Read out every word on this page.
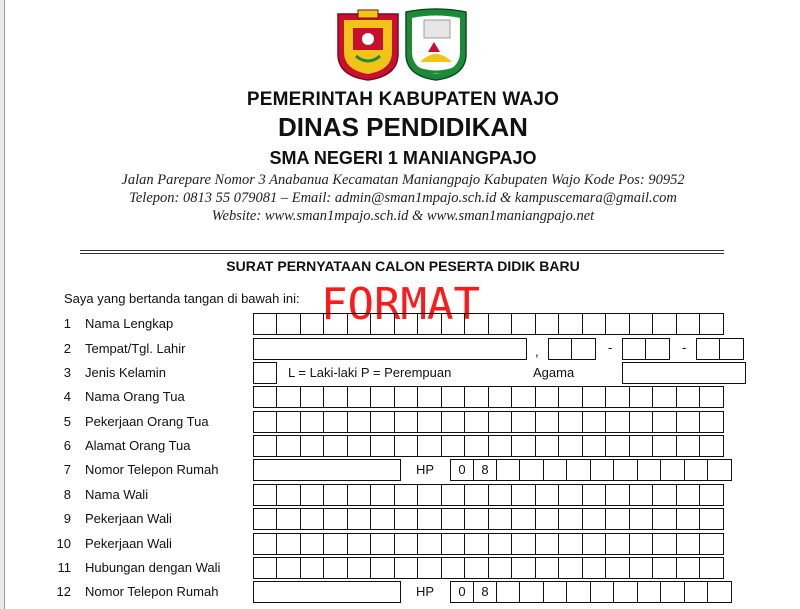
PEMERINTAH KABUPATEN WAJO
DINAS PENDIDIKAN
SMA NEGERI 1 MANIANGPAJO
Jalan Parepare Nomor 3 Anabanua Kecamatan Maniangpajo Kabupaten Wajo Kode Pos: 90952
Telepon: 0813 55 079081 – Email: admin@sman1mpajo.sch.id & kampuscemara@gmail.com
Website: www.sman1mpajo.sch.id & www.sman1maniangpajo.net
SURAT PERNYATAAN CALON PESERTA DIDIK BARU
Saya yang bertanda tangan di bawah ini: FORMAT
1 Nama Lengkap
2 Tempat/Tgl. Lahir	,	-	-
3 Jenis Kelamin	L = Laki-laki P = Perempuan	Agama
4 Nama Orang Tua
5 Pekerjaan Orang Tua
6 Alamat Orang Tua
7 Nomor Telepon Rumah	HP	0	8
8 Nama Wali
9 Pekerjaan Wali
10 Pekerjaan Wali
11 Hubungan dengan Wali
12 Nomor Telepon Rumah	HP	0	8
